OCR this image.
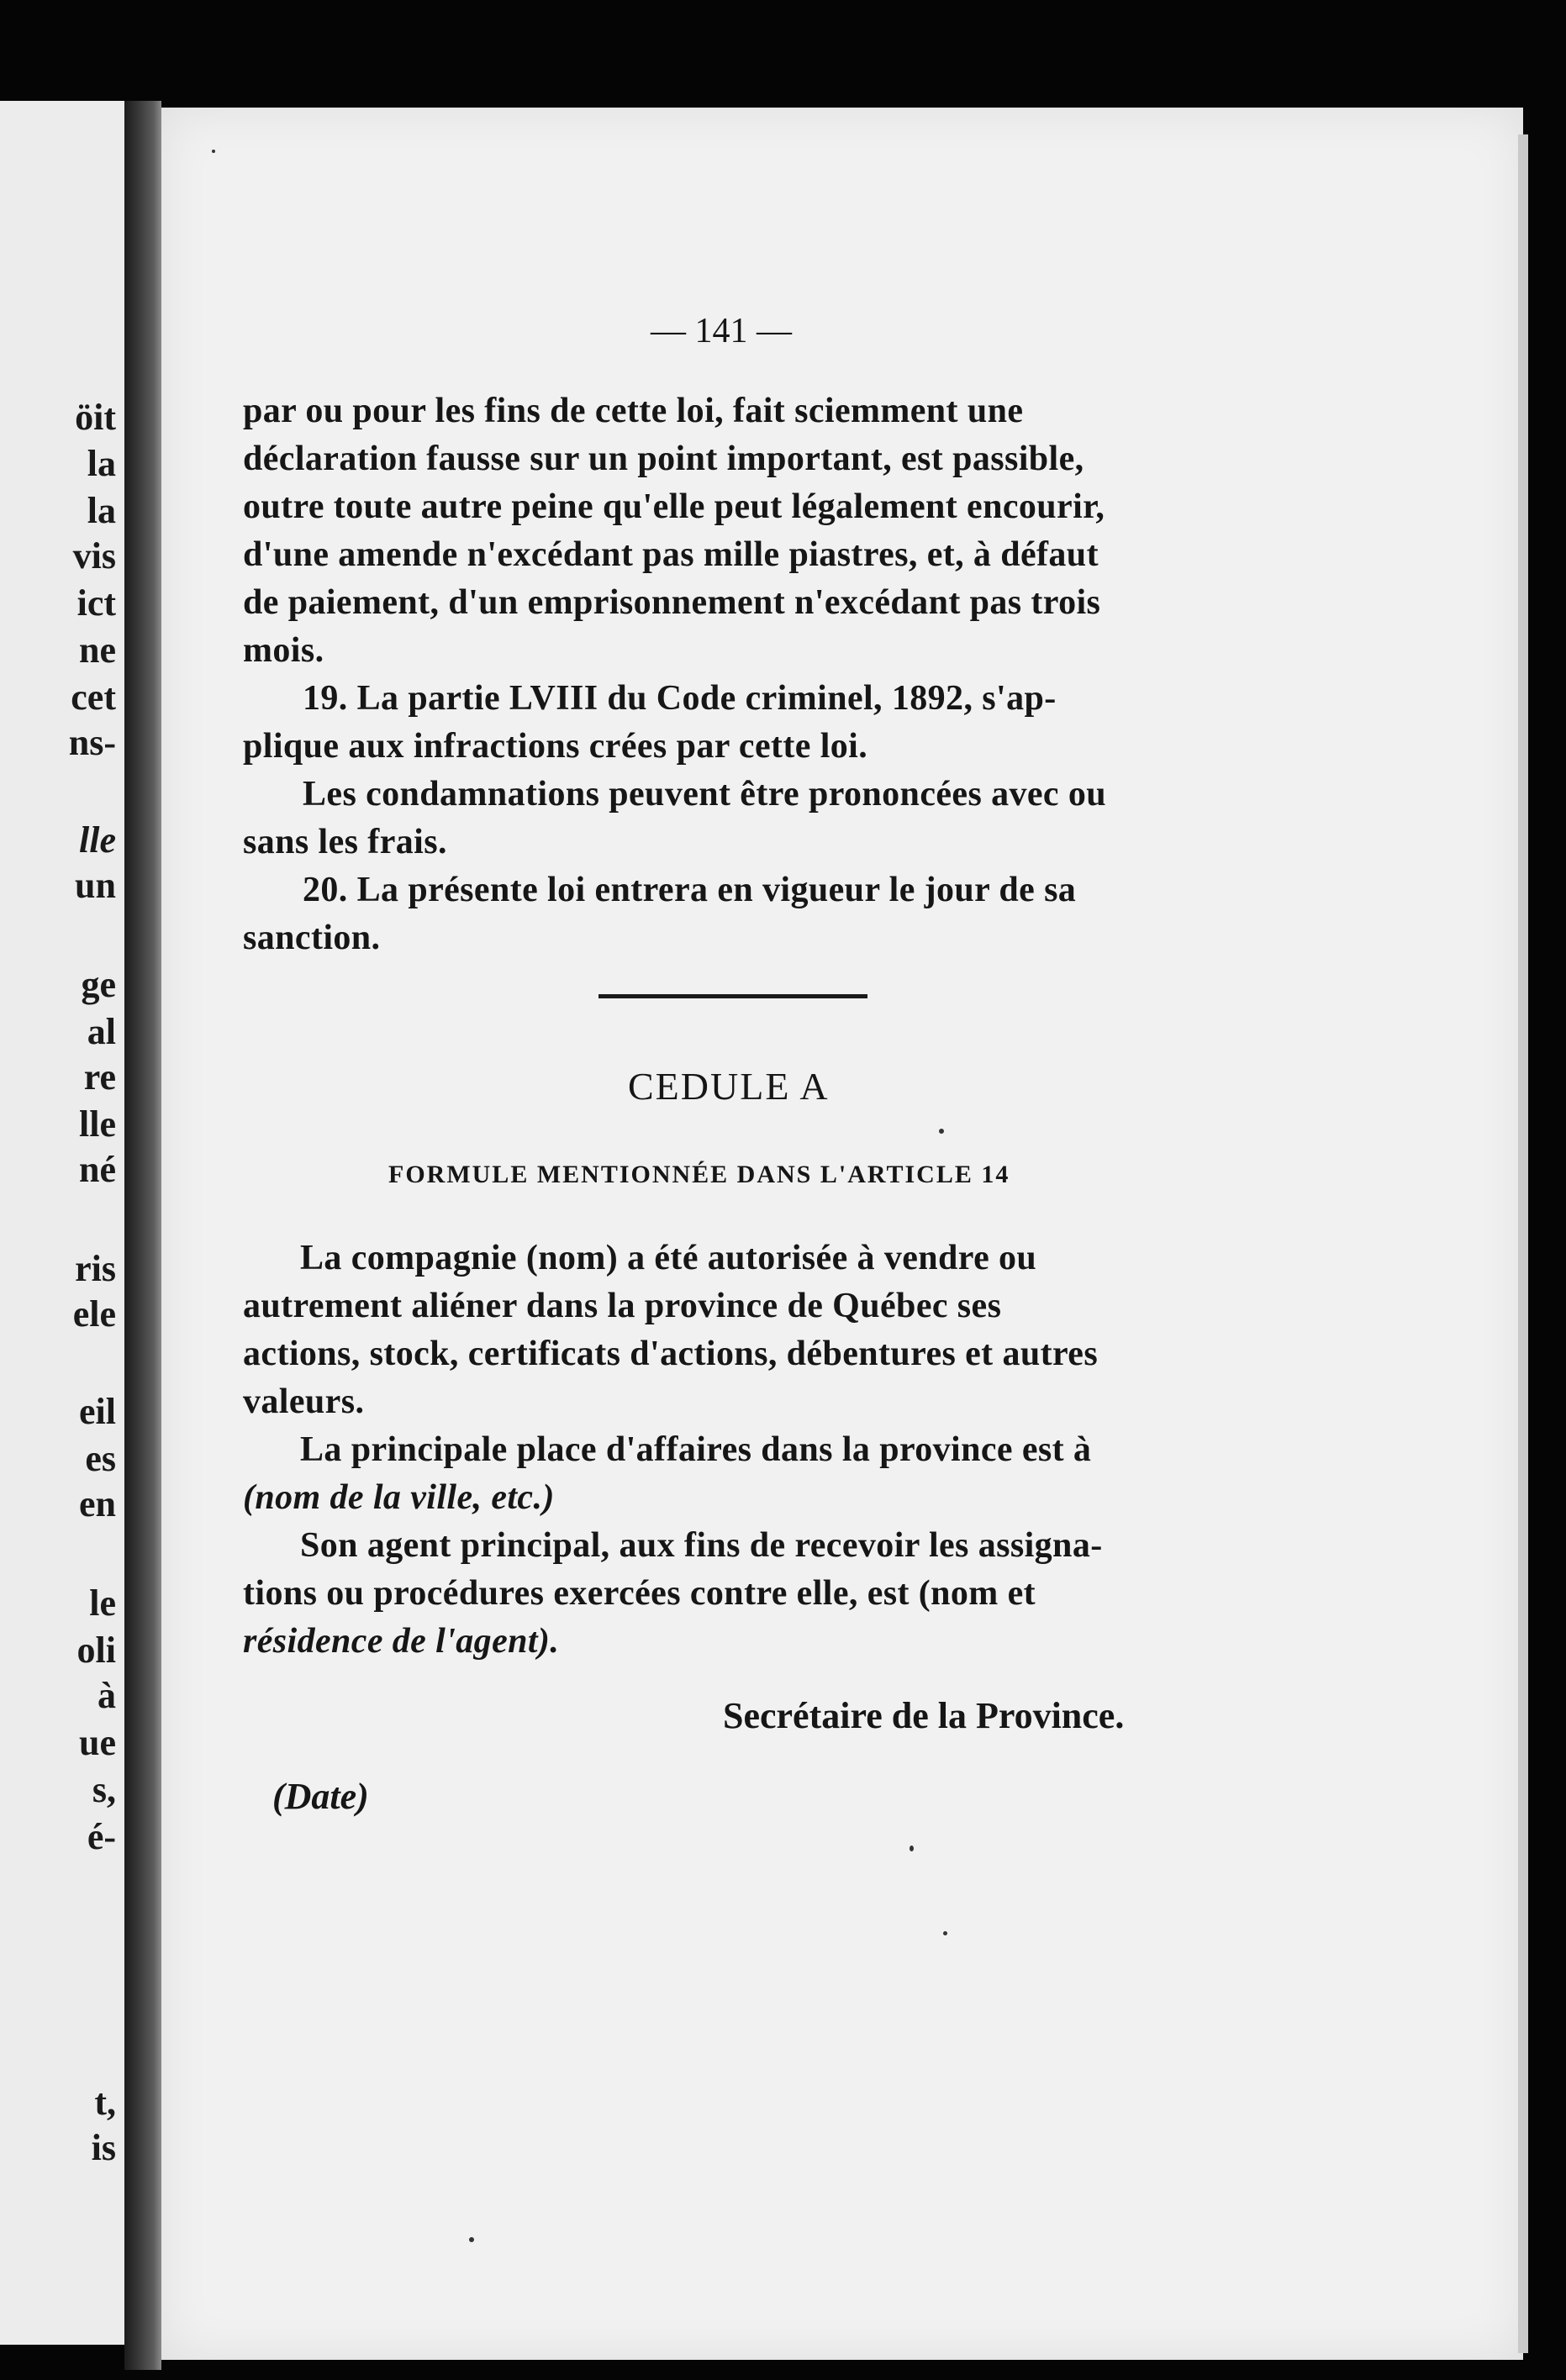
öit
la
la
vis
ict
ne
cet
ns-
lle
un
ge
al
re
lle
né
ris
ele
eil
es
en
le
oli
à
ue
s,
é-
t,
is

— 141 —

par ou pour les fins de cette loi, fait sciemment une

déclaration fausse sur un point important, est passible,

outre toute autre peine qu'elle peut légalement encourir,

d'une amende n'excédant pas mille piastres, et, à défaut

de paiement, d'un emprisonnement n'excédant pas trois

mois.

19. La partie LVIII du Code criminel, 1892, s'ap-

plique aux infractions crées par cette loi.

Les condamnations peuvent être prononcées avec ou

sans les frais.

20. La présente loi entrera en vigueur le jour de sa

sanction.

CEDULE A

FORMULE MENTIONNÉE DANS L'ARTICLE 14

La compagnie (nom) a été autorisée à vendre ou

autrement aliéner dans la province de Québec ses

actions, stock, certificats d'actions, débentures et autres

valeurs.

La principale place d'affaires dans la province est à

(nom de la ville, etc.)

Son agent principal, aux fins de recevoir les assigna-

tions ou procédures exercées contre elle, est (nom et

résidence de l'agent).

Secrétaire de la Province.

(Date)
